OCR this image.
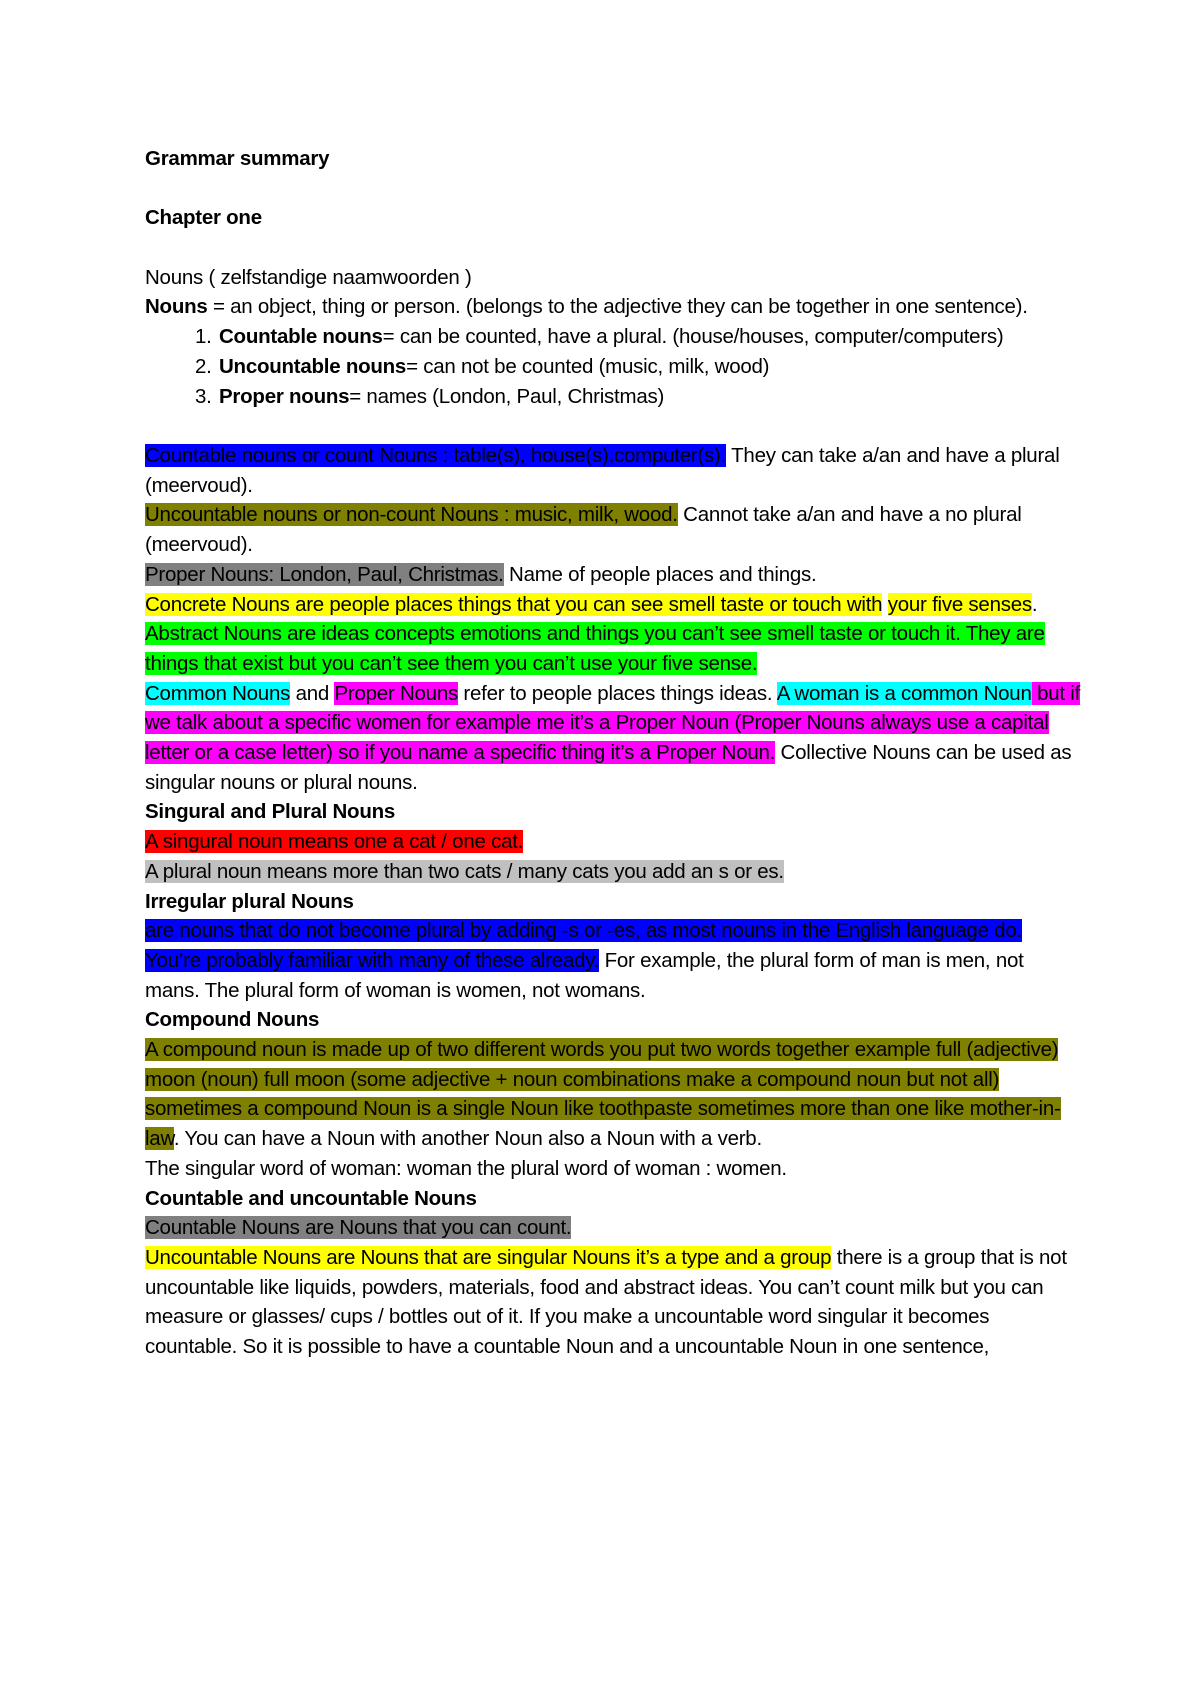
Grammar summary

Chapter one

Nouns ( zelfstandige naamwoorden )

Nouns = an object, thing or person. (belongs to the adjective they can be together in one sentence).

1. Countable nouns= can be counted, have a plural. (house/houses, computer/computers)
2. Uncountable nouns= can not be counted (music, milk, wood)
3. Proper nouns= names (London, Paul, Christmas)

Countable nouns or count Nouns : table(s), house(s),computer(s). They can take a/an and have a plural (meervoud).

Uncountable nouns or non-count Nouns : music, milk, wood. Cannot take a/an and have a no plural (meervoud).

Proper Nouns: London, Paul, Christmas. Name of people places and things.

Concrete Nouns are people places things that you can see smell taste or touch with your five senses.

Abstract Nouns are ideas concepts emotions and things you can’t see smell taste or touch it. They are things that exist but you can’t see them you can’t use your five sense.

Common Nouns and Proper Nouns refer to people places things ideas. A woman is a common Noun but if we talk about a specific women for example me it’s a Proper Noun (Proper Nouns always use a capital letter or a case letter) so if you name a specific thing it’s a Proper Noun. Collective Nouns can be used as singular nouns or plural nouns.

Singural and Plural Nouns

A singural noun means one a cat / one cat.

A plural noun means more than two cats / many cats you add an s or es.

Irregular plural Nouns

are nouns that do not become plural by adding -s or -es, as most nouns in the English language do. You’re probably familiar with many of these already. For example, the plural form of man is men, not mans. The plural form of woman is women, not womans.

Compound Nouns

A compound noun is made up of two different words you put two words together example full (adjective) moon (noun) full moon (some adjective + noun combinations make a compound noun but not all) sometimes a compound Noun is a single Noun like toothpaste sometimes more than one like mother-in-law. You can have a Noun with another Noun also a Noun with a verb.

The singular word of woman: woman the plural word of woman : women.

Countable and uncountable Nouns

Countable Nouns are Nouns that you can count.

Uncountable Nouns are Nouns that are singular Nouns it’s a type and a group there is a group that is not uncountable like liquids, powders, materials, food and abstract ideas. You can’t count milk but you can measure or glasses/ cups / bottles out of it. If you make a uncountable word singular it becomes countable. So it is possible to have a countable Noun and a uncountable Noun in one sentence,
